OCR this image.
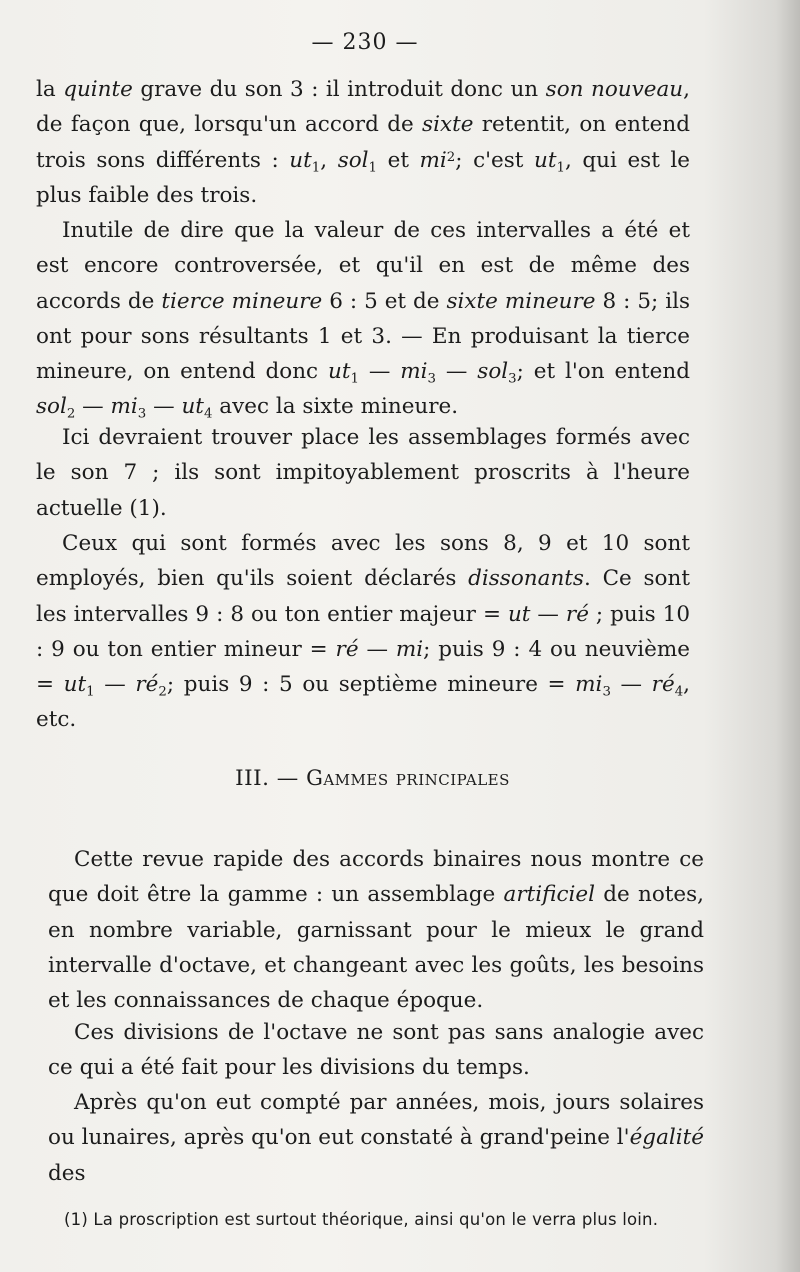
— 230 —

la quinte grave du son 3 : il introduit donc un son nouveau, de façon que, lorsqu'un accord de sixte retentit, on entend trois sons différents : $ut_1$, sol$_1$ et $mi^2$; c'est $ut_1$, qui est le plus faible des trois.

Inutile de dire que la valeur de ces intervalles a été et est encore controversée, et qu'il en est de même des accords de tierce mineure 6 : 5 et de sixte mineure 8 : 5; ils ont pour sons résultants 1 et 3. — En produisant la tierce mineure, on entend donc $ut_1$ — $mi_3$ — sol$_3$; et l'on entend sol$_2$ — $mi_3$ — $ut_4$ avec la sixte mineure.

Ici devraient trouver place les assemblages formés avec le son 7 ; ils sont impitoyablement proscrits à l'heure actuelle (1).

Ceux qui sont formés avec les sons 8, 9 et 10 sont employés, bien qu'ils soient déclarés dissonants. Ce sont les intervalles 9 : 8 ou ton entier majeur = ut — ré ; puis 10 : 9 ou ton entier mineur = ré — mi; puis 9 : 4 ou neuvième = $ut_1$ — $ré_2$; puis 9 : 5 ou septième mineure = $mi_3$ — $ré_4$, etc.

III. — Gammes principales

Cette revue rapide des accords binaires nous montre ce que doit être la gamme : un assemblage artificiel de notes, en nombre variable, garnissant pour le mieux le grand intervalle d'octave, et changeant avec les goûts, les besoins et les connaissances de chaque époque.

Ces divisions de l'octave ne sont pas sans analogie avec ce qui a été fait pour les divisions du temps.

Après qu'on eut compté par années, mois, jours solaires ou lunaires, après qu'on eut constaté à grand'peine l'égalité des

(1) La proscription est surtout théorique, ainsi qu'on le verra plus loin.
